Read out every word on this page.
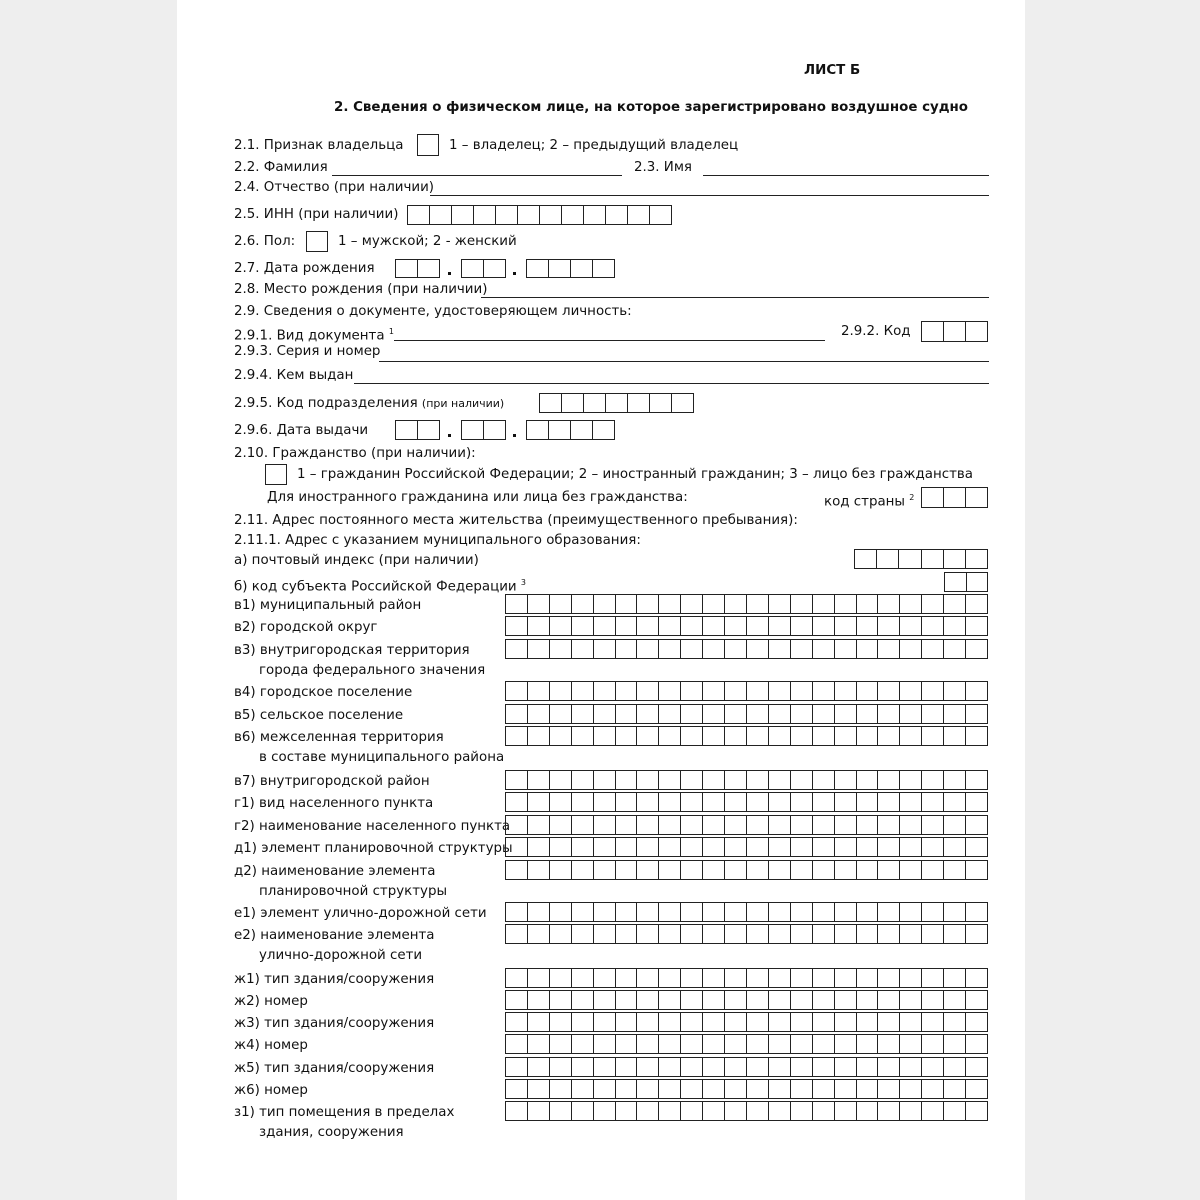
ЛИСТ Б
2. Сведения о физическом лице, на которое зарегистрировано воздушное судно
2.1. Признак владельца	1 – владелец; 2 – предыдущий владелец
2.2. Фамилия	2.3. Имя
2.4. Отчество (при наличии)
2.5. ИНН (при наличии)
2.6. Пол:	1 – мужской; 2 - женский
2.7. Дата рождения
2.8. Место рождения (при наличии)
2.9. Сведения о документе, удостоверяющем личность:
2.9.1. Вид документа $^1$	2.9.2. Код
2.9.3. Серия и номер
2.9.4. Кем выдан
2.9.5. Код подразделения (при наличии)
2.9.6. Дата выдачи
2.10. Гражданство (при наличии):
1 – гражданин Российской Федерации; 2 – иностранный гражданин; 3 – лицо без гражданства
Для иностранного гражданина или лица без гражданства:	код страны $^2$
2.11. Адрес постоянного места жительства (преимущественного пребывания):
2.11.1. Адрес с указанием муниципального образования:
а) почтовый индекс (при наличии)
б) код субъекта Российской Федерации $^3$
в1) муниципальный район
в2) городской округ
в3) внутригородская территория
города федерального значения
в4) городское поселение
в5) сельское поселение
в6) межселенная территория
в составе муниципального района
в7) внутригородской район
г1) вид населенного пункта
г2) наименование населенного пункта
д1) элемент планировочной структуры
д2) наименование элемента
планировочной структуры
е1) элемент улично-дорожной сети
е2) наименование элемента
улично-дорожной сети
ж1) тип здания/сооружения
ж2) номер
ж3) тип здания/сооружения
ж4) номер
ж5) тип здания/сооружения
ж6) номер
з1) тип помещения в пределах
здания, сооружения
